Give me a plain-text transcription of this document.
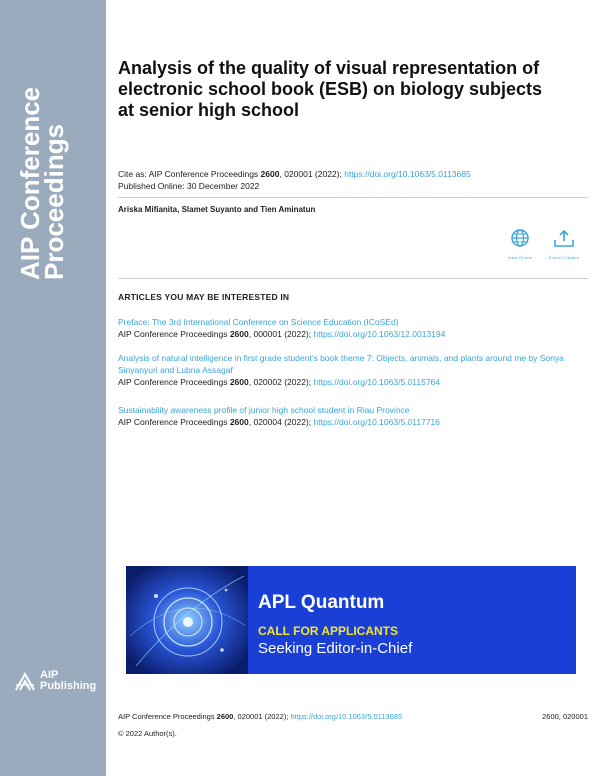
AIP Conference
Proceedings
AIP
Publishing
Analysis of the quality of visual representation of electronic school book (ESB) on biology subjects at senior high school
Cite as: AIP Conference Proceedings 2600, 020001 (2022); https://doi.org/10.1063/5.0113685
Published Online: 30 December 2022
Ariska Mifianita, Slamet Suyanto and Tien Aminatun
View Online	Export Citation
ARTICLES YOU MAY BE INTERESTED IN
Preface: The 3rd International Conference on Science Education (ICoSEd)
AIP Conference Proceedings 2600, 000001 (2022); https://doi.org/10.1063/12.0013194
Analysis of natural intelligence in first grade student’s book theme 7: Objects, animals, and plants around me by Sonya Sinyanyuri and Lubna Assagaf
AIP Conference Proceedings 2600, 020002 (2022); https://doi.org/10.1063/5.0115764
Sustainability awareness profile of junior high school student in Riau Province
AIP Conference Proceedings 2600, 020004 (2022); https://doi.org/10.1063/5.0117716
APL Quantum
CALL FOR APPLICANTS
Seeking Editor-in-Chief
AIP Conference Proceedings 2600, 020001 (2022); https://doi.org/10.1063/5.0113685	2600, 020001
© 2022 Author(s).
